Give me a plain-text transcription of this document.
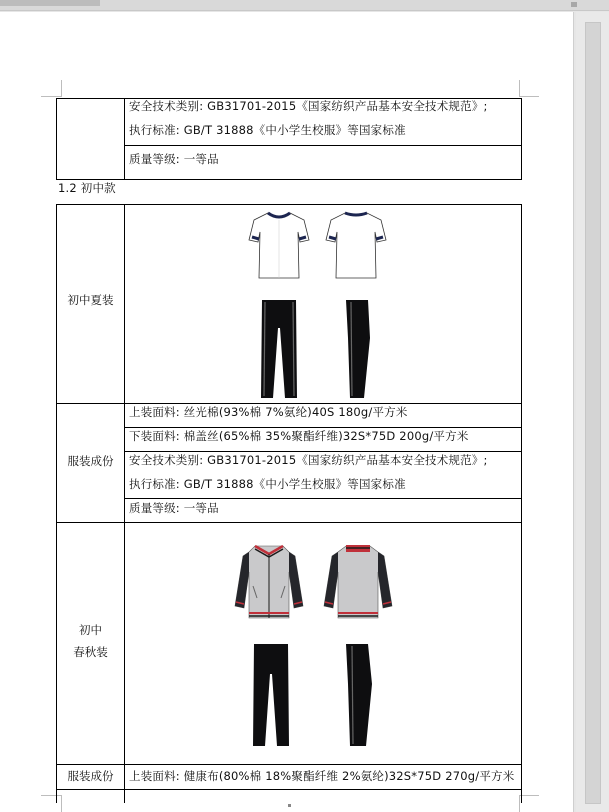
安全技术类别: GB31701-2015《国家纺织产品基本安全技术规范》;
执行标准: GB/T 31888《中小学生校服》等国家标准
质量等级: 一等品
1.2 初中款
初中夏装
服装成份
上装面料: 丝光棉(93%棉 7%氨纶)40S 180g/平方米
下装面料: 棉盖丝(65%棉 35%聚酯纤维)32S*75D 200g/平方米
安全技术类别: GB31701-2015《国家纺织产品基本安全技术规范》;
执行标准: GB/T 31888《中小学生校服》等国家标准
质量等级: 一等品
初中
春秋装
服装成份	上装面料: 健康布(80%棉 18%聚酯纤维 2%氨纶)32S*75D 270g/平方米
